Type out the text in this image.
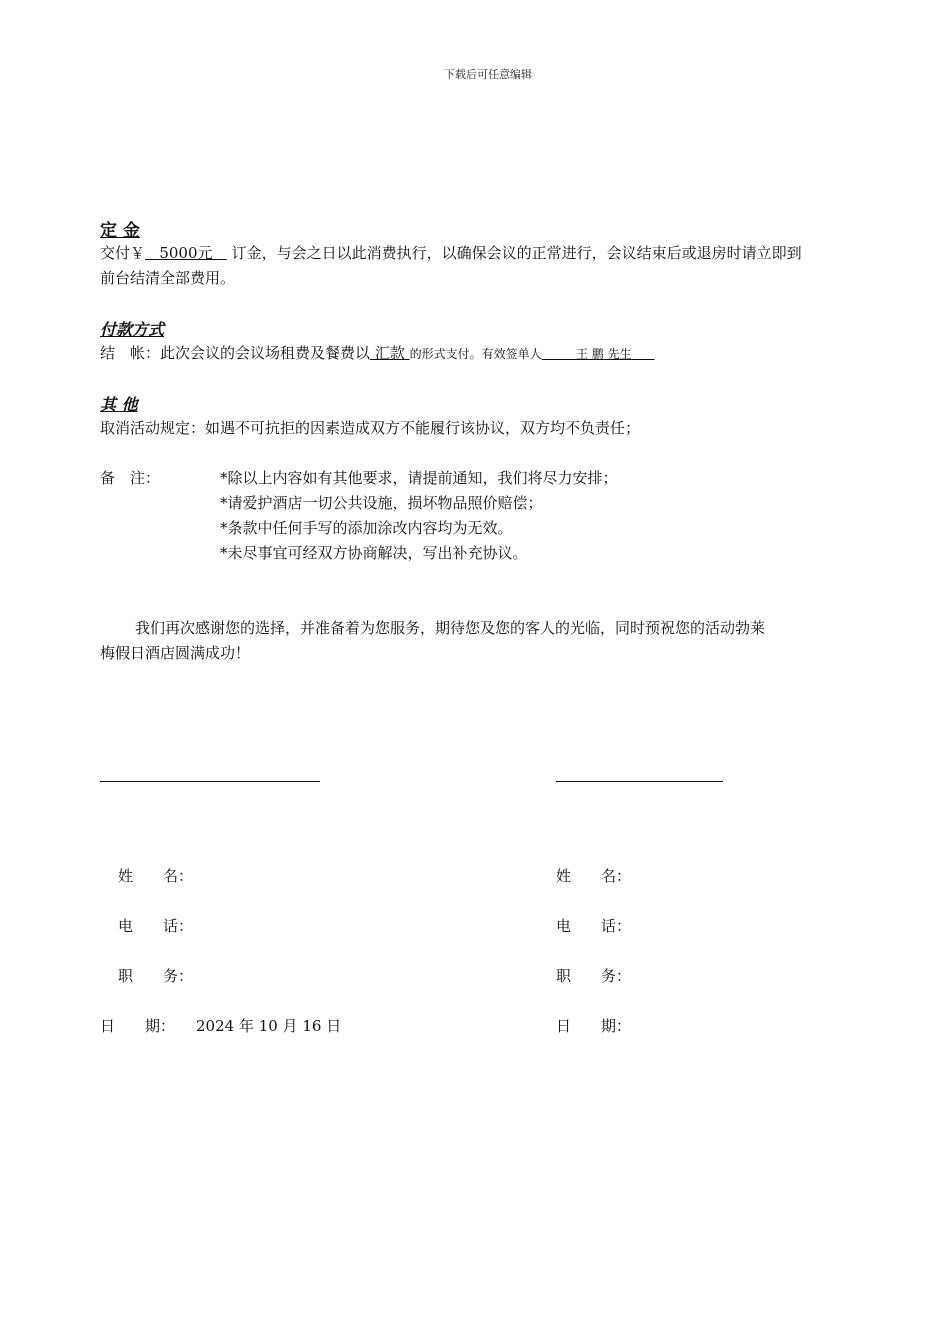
下载后可任意编辑
定 金
交付￥ 5000元 订金，与会之日以此消费执行，以确保会议的正常进行，会议结束后或退房时请立即到
前台结清全部费用。
付款方式
结　帐：此次会议的会议场租费及餐费以 汇款 的形式支付。有效签单人	王 鹏 先生
其 他
取消活动规定：如遇不可抗拒的因素造成双方不能履行该协议，双方均不负责任；
备　注：	*除以上内容如有其他要求，请提前通知，我们将尽力安排；
*请爱护酒店一切公共设施，损坏物品照价赔偿；
*条款中任何手写的添加涂改内容均为无效。
*未尽事宜可经双方协商解决，写出补充协议。
我们再次感谢您的选择，并准备着为您服务，期待您及您的客人的光临，同时预祝您的活动勃莱
梅假日酒店圆满成功！
姓　　名：
电　　话：
职　　务：
日　　期： 2024 年 10 月 16 日
姓　　名：
电　　话：
职　　务：
日　　期：
